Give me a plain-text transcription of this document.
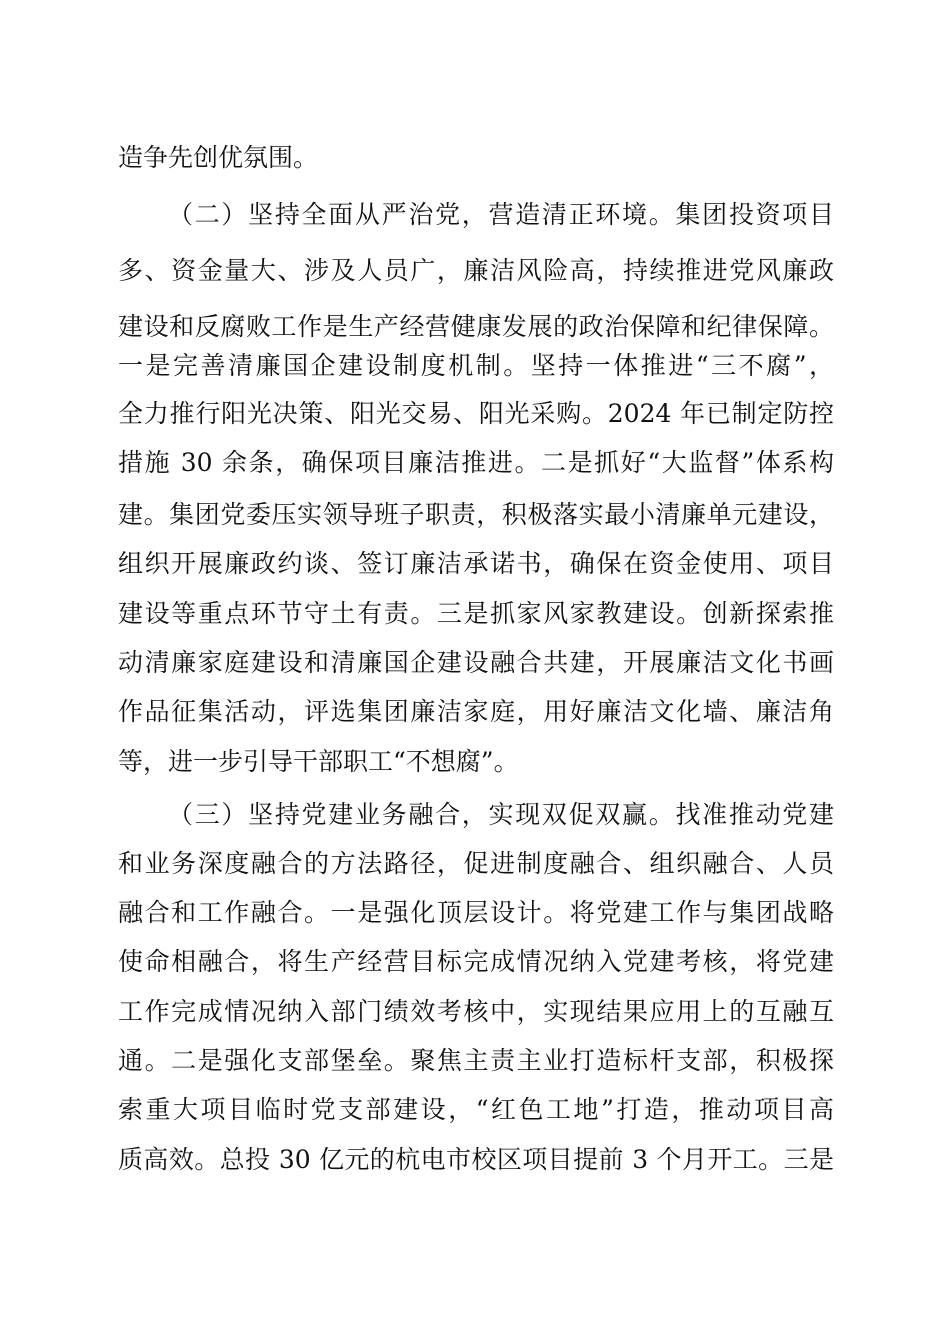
造争先创优氛围。
（二）坚持全面从严治党，营造清正环境。集团投资项目
多、资金量大、涉及人员广，廉洁风险高，持续推进党风廉政
建设和反腐败工作是生产经营健康发展的政治保障和纪律保障。
一是完善清廉国企建设制度机制。坚持一体推进“三不腐”，
全力推行阳光决策、阳光交易、阳光采购。2024 年已制定防控
措施 30 余条，确保项目廉洁推进。二是抓好“大监督”体系构
建。集团党委压实领导班子职责，积极落实最小清廉单元建设，
组织开展廉政约谈、签订廉洁承诺书，确保在资金使用、项目
建设等重点环节守土有责。三是抓家风家教建设。创新探索推
动清廉家庭建设和清廉国企建设融合共建，开展廉洁文化书画
作品征集活动，评选集团廉洁家庭，用好廉洁文化墙、廉洁角
等，进一步引导干部职工“不想腐”。
（三）坚持党建业务融合，实现双促双赢。找准推动党建
和业务深度融合的方法路径，促进制度融合、组织融合、人员
融合和工作融合。一是强化顶层设计。将党建工作与集团战略
使命相融合，将生产经营目标完成情况纳入党建考核，将党建
工作完成情况纳入部门绩效考核中，实现结果应用上的互融互
通。二是强化支部堡垒。聚焦主责主业打造标杆支部，积极探
索重大项目临时党支部建设，“红色工地”打造，推动项目高
质高效。总投 30 亿元的杭电市校区项目提前 3 个月开工。三是
